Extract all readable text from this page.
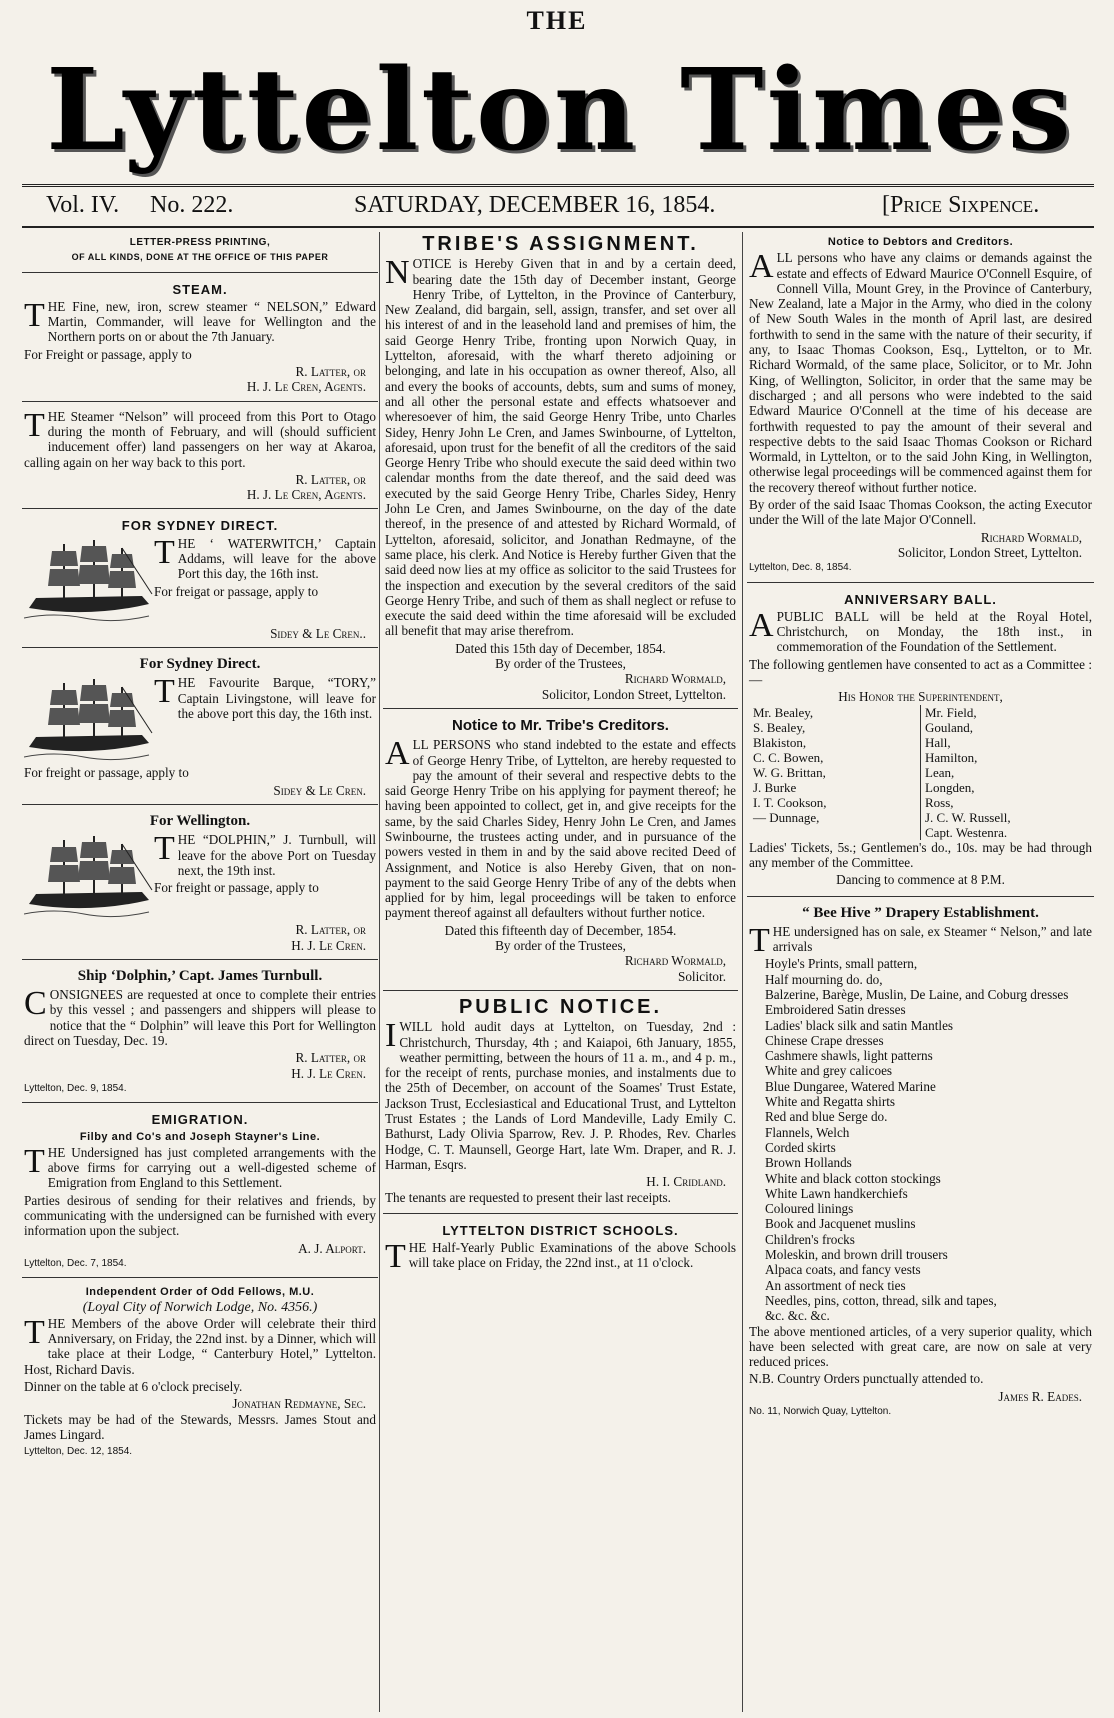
THE
Lyttelton Times
Vol. IV. No. 222.	SATURDAY, DECEMBER 16, 1854.	[Price Sixpence.
LETTER-PRESS PRINTING,
OF ALL KINDS, DONE AT THE OFFICE OF THIS PAPER
STEAM.

THE Fine, new, iron, screw steamer “ NELSON,” Edward Martin, Commander, will leave for Wellington and the Northern ports on or about the 7th January.

For Freight or passage, apply to

R. Latter, or
H. J. Le Cren, Agents.

THE Steamer “Nelson” will proceed from this Port to Otago during the month of February, and will (should sufficient inducement offer) land passengers on her way at Akaroa, calling again on her way back to this port.

R. Latter, or
H. J. Le Cren, Agents.
FOR SYDNEY DIRECT.

THE ‘ WATERWITCH,’ Captain Addams, will leave for the above Port this day, the 16th inst.

For freigat or passage, apply to

Sidey & Le Cren..
For Sydney Direct.

THE Favourite Barque, “TORY,” Captain Livingstone, will leave for the above port this day, the 16th inst.

For freight or passage, apply to

Sidey & Le Cren.
For Wellington.

THE “DOLPHIN,” J. Turnbull, will leave for the above Port on Tuesday next, the 19th inst.

For freight or passage, apply to

R. Latter, or
H. J. Le Cren.
Ship ‘Dolphin,’ Capt. James Turnbull.

CONSIGNEES are requested at once to complete their entries by this vessel ; and passengers and shippers will please to notice that the “ Dolphin” will leave this Port for Wellington direct on Tuesday, Dec. 19.

R. Latter, or
H. J. Le Cren.
Lyttelton, Dec. 9, 1854.
EMIGRATION.
Filby and Co's and Joseph Stayner's Line.

THE Undersigned has just completed arrangements with the above firms for carrying out a well-digested scheme of Emigration from England to this Settlement.

Parties desirous of sending for their relatives and friends, by communicating with the undersigned can be furnished with every information upon the subject.

A. J. Alport.
Lyttelton, Dec. 7, 1854.
Independent Order of Odd Fellows, M.U.
(Loyal City of Norwich Lodge, No. 4356.)

THE Members of the above Order will celebrate their third Anniversary, on Friday, the 22nd inst. by a Dinner, which will take place at their Lodge, “ Canterbury Hotel,” Lyttelton. Host, Richard Davis.

Dinner on the table at 6 o'clock precisely.

Jonathan Redmayne, Sec.

Tickets may be had of the Stewards, Messrs. James Stout and James Lingard.

Lyttelton, Dec. 12, 1854.
TRIBE'S ASSIGNMENT.

NOTICE is Hereby Given that in and by a certain deed, bearing date the 15th day of December instant, George Henry Tribe, of Lyttelton, in the Province of Canterbury, New Zealand, did bargain, sell, assign, transfer, and set over all his interest of and in the leasehold land and premises of him, the said George Henry Tribe, fronting upon Norwich Quay, in Lyttelton, aforesaid, with the wharf thereto adjoining or belonging, and late in his occupation as owner thereof, Also, all and every the books of accounts, debts, sum and sums of money, and all other the personal estate and effects whatsoever and wheresoever of him, the said George Henry Tribe, unto Charles Sidey, Henry John Le Cren, and James Swinbourne, of Lyttelton, aforesaid, upon trust for the benefit of all the creditors of the said George Henry Tribe who should execute the said deed within two calendar months from the date thereof, and the said deed was executed by the said George Henry Tribe, Charles Sidey, Henry John Le Cren, and James Swinbourne, on the day of the date thereof, in the presence of and attested by Richard Wormald, of Lyttelton, aforesaid, solicitor, and Jonathan Redmayne, of the same place, his clerk. And Notice is Hereby further Given that the said deed now lies at my office as solicitor to the said Trustees for the inspection and execution by the several creditors of the said George Henry Tribe, and such of them as shall neglect or refuse to execute the said deed within the time aforesaid will be excluded all benefit that may arise therefrom.

Dated this 15th day of December, 1854.
By order of the Trustees,
Richard Wormald,
Solicitor, London Street, Lyttelton.
Notice to Mr. Tribe's Creditors.

ALL PERSONS who stand indebted to the estate and effects of George Henry Tribe, of Lyttelton, are hereby requested to pay the amount of their several and respective debts to the said George Henry Tribe on his applying for payment thereof; he having been appointed to collect, get in, and give receipts for the same, by the said Charles Sidey, Henry John Le Cren, and James Swinbourne, the trustees acting under, and in pursuance of the powers vested in them in and by the said above recited Deed of Assignment, and Notice is also Hereby Given, that on non-payment to the said George Henry Tribe of any of the debts when applied for by him, legal proceedings will be taken to enforce payment thereof against all defaulters without further notice.

Dated this fifteenth day of December, 1854.
By order of the Trustees,
Richard Wormald,
Solicitor.
PUBLIC NOTICE.

IWILL hold audit days at Lyttelton, on Tuesday, 2nd : Christchurch, Thursday, 4th ; and Kaiapoi, 6th January, 1855, weather permitting, between the hours of 11 a. m., and 4 p. m., for the receipt of rents, purchase monies, and instalments due to the 25th of December, on account of the Soames' Trust Estate, Jackson Trust, Ecclesiastical and Educational Trust, and Lyttelton Trust Estates ; the Lands of Lord Mandeville, Lady Emily C. Bathurst, Lady Olivia Sparrow, Rev. J. P. Rhodes, Rev. Charles Hodge, C. T. Maunsell, George Hart, late Wm. Draper, and R. J. Harman, Esqrs.

H. I. Cridland.

The tenants are requested to present their last receipts.

LYTTELTON DISTRICT SCHOOLS.

THE Half-Yearly Public Examinations of the above Schools will take place on Friday, the 22nd inst., at 11 o'clock.

Notice to Debtors and Creditors.

ALL persons who have any claims or demands against the estate and effects of Edward Maurice O'Connell Esquire, of Connell Villa, Mount Grey, in the Province of Canterbury, New Zealand, late a Major in the Army, who died in the colony of New South Wales in the month of April last, are desired forthwith to send in the same with the nature of their security, if any, to Isaac Thomas Cookson, Esq., Lyttelton, or to Mr. Richard Wormald, of the same place, Solicitor, or to Mr. John King, of Wellington, Solicitor, in order that the same may be discharged ; and all persons who were indebted to the said Edward Maurice O'Connell at the time of his decease are forthwith requested to pay the amount of their several and respective debts to the said Isaac Thomas Cookson or Richard Wormald, in Lyttelton, or to the said John King, in Wellington, otherwise legal proceedings will be commenced against them for the recovery thereof without further notice.

By order of the said Isaac Thomas Cookson, the acting Executor under the Will of the late Major O'Connell.

Richard Wormald,
Solicitor, London Street, Lyttelton.
Lyttelton, Dec. 8, 1854.
ANNIVERSARY BALL.

APUBLIC BALL will be held at the Royal Hotel, Christchurch, on Monday, the 18th inst., in commemoration of the Foundation of the Settlement.

The following gentlemen have consented to act as a Committee :—

His Honor the Superintendent,
Mr. Bealey,
S. Bealey,
Blakiston,
C. C. Bowen,
W. G. Brittan,
J. Burke
I. T. Cookson,
— Dunnage,
Mr. Field,
Gouland,
Hall,
Hamilton,
Lean,
Longden,
Ross,
J. C. W. Russell,
Capt. Westenra.

Ladies' Tickets, 5s.; Gentlemen's do., 10s. may be had through any member of the Committee.

Dancing to commence at 8 P.M.

“ Bee Hive ” Drapery Establishment.

THE undersigned has on sale, ex Steamer “ Nelson,” and late arrivals

Hoyle's Prints, small pattern,
Half mourning do. do,
Balzerine, Barège, Muslin, De Laine, and Coburg dresses
Embroidered Satin dresses
Ladies' black silk and satin Mantles
Chinese Crape dresses
Cashmere shawls, light patterns
White and grey calicoes
Blue Dungaree, Watered Marine
White and Regatta shirts
Red and blue Serge do.
Flannels, Welch
Corded skirts
Brown Hollands
White and black cotton stockings
White Lawn handkerchiefs
Coloured linings
Book and Jacquenet muslins
Children's frocks
Moleskin, and brown drill trousers
Alpaca coats, and fancy vests
An assortment of neck ties
Needles, pins, cotton, thread, silk and tapes,
&c. &c. &c.

The above mentioned articles, of a very superior quality, which have been selected with great care, are now on sale at very reduced prices.

N.B. Country Orders punctually attended to.

James R. Eades.
No. 11, Norwich Quay, Lyttelton.
